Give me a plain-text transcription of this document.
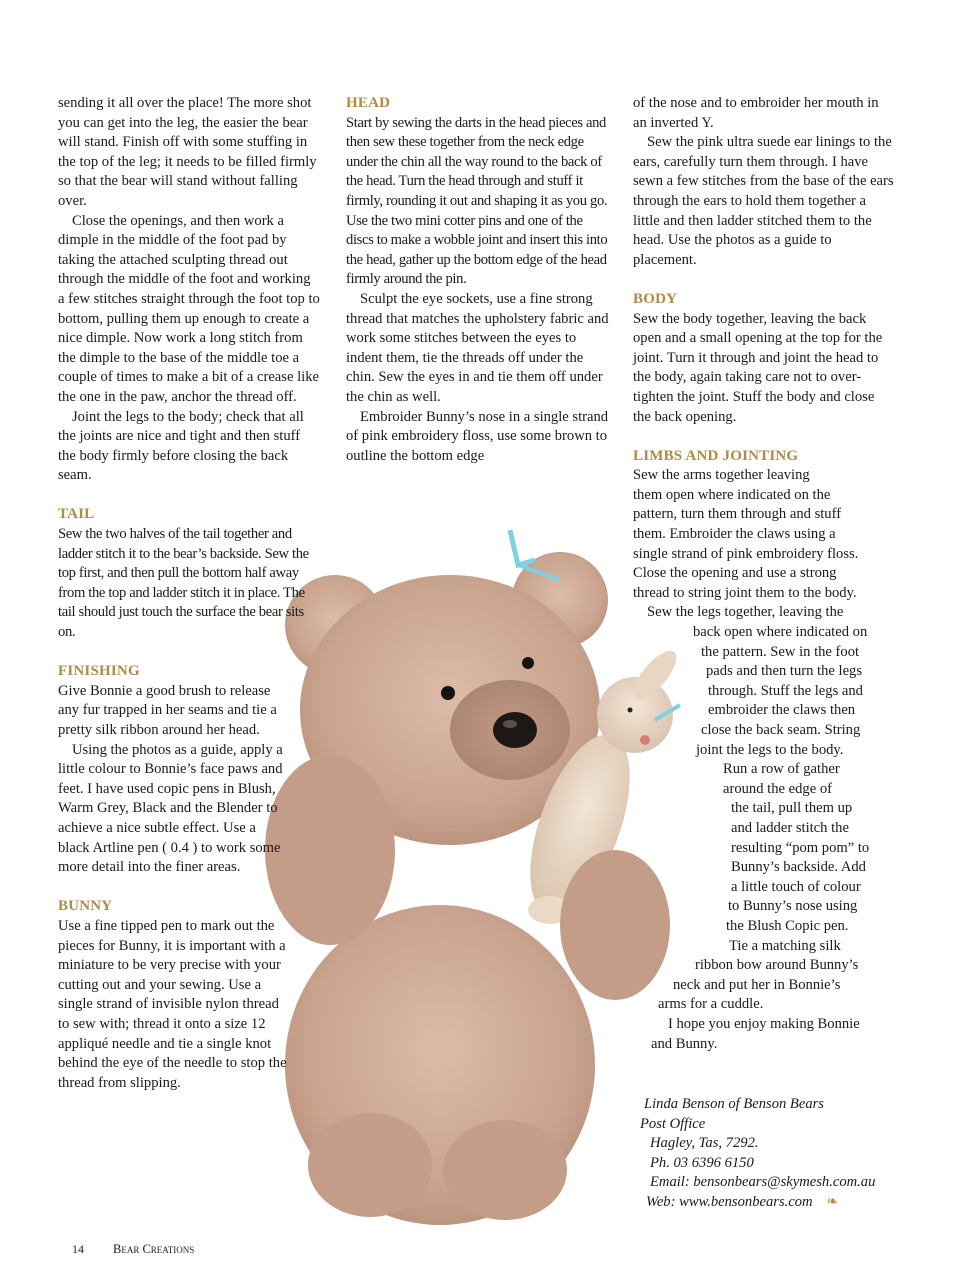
sending it all over the place! The more shot you can get into the leg, the easier the bear will stand. Finish off with some stuffing in the top of the leg; it needs to be filled firmly so that the bear will stand without falling over.

Close the openings, and then work a dimple in the middle of the foot pad by taking the attached sculpting thread out through the middle of the foot and working a few stitches straight through the foot top to bottom, pulling them up enough to create a nice dimple. Now work a long stitch from the dimple to the base of the middle toe a couple of times to make a bit of a crease like the one in the paw, anchor the thread off.

Joint the legs to the body; check that all the joints are nice and tight and then stuff the body firmly before closing the back seam.

TAIL

Sew the two halves of the tail together and ladder stitch it to the bear’s backside. Sew the top first, and then pull the bottom half away from the top and ladder stitch it in place. The tail should just touch the surface the bear sits on.

FINISHING

Give Bonnie a good brush to release any fur trapped in her seams and tie a pretty silk ribbon around her head.

Using the photos as a guide, apply a little colour to Bonnie’s face paws and feet. I have used copic pens in Blush, Warm Grey, Black and the Blender to achieve a nice subtle effect. Use a black Artline pen ( 0.4 ) to work some more detail into the finer areas.

BUNNY

Use a fine tipped pen to mark out the pieces for Bunny, it is important with a miniature to be very precise with your cutting out and your sewing. Use a single strand of invisible nylon thread to sew with; thread it onto a size 12 appliqué needle and tie a single knot behind the eye of the needle to stop the thread from slipping.

HEAD

Start by sewing the darts in the head pieces and then sew these together from the neck edge under the chin all the way round to the back of the head. Turn the head through and stuff it firmly, rounding it out and shaping it as you go. Use the two mini cotter pins and one of the discs to make a wobble joint and insert this into the head, gather up the bottom edge of the head firmly around the pin.

Sculpt the eye sockets, use a fine strong thread that matches the upholstery fabric and work some stitches between the eyes to indent them, tie the threads off under the chin. Sew the eyes in and tie them off under the chin as well.

Embroider Bunny’s nose in a single strand of pink embroidery floss, use some brown to outline the bottom edge

of the nose and to embroider her mouth in an inverted Y.

Sew the pink ultra suede ear linings to the ears, carefully turn them through. I have sewn a few stitches from the base of the ears through the ears to hold them together a little and then ladder stitched them to the head. Use the photos as a guide to placement.

BODY

Sew the body together, leaving the back open and a small opening at the top for the joint. Turn it through and joint the head to the body, again taking care not to over-tighten the joint. Stuff the body and close the back opening.

LIMBS AND JOINTING
Sew the arms together leaving
them open where indicated on the
pattern, turn them through and stuff
them. Embroider the claws using a
single strand of pink embroidery floss.
Close the opening and use a strong
thread to string joint them to the body.
Sew the legs together, leaving the
back open where indicated on
the pattern. Sew in the foot
pads and then turn the legs
through. Stuff the legs and
embroider the claws then
close the back seam. String
joint the legs to the body.
Run a row of gather
around the edge of
the tail, pull them up
and ladder stitch the
resulting “pom pom” to
Bunny’s backside. Add
a little touch of colour
to Bunny’s nose using
the Blush Copic pen.
Tie a matching silk
ribbon bow around Bunny’s
neck and put her in Bonnie’s
arms for a cuddle.
I hope you enjoy making Bonnie
and Bunny.
Linda Benson of Benson Bears
Post Office
Hagley, Tas, 7292.
Ph. 03 6396 6150
Email: bensonbears@skymesh.com.au
Web: www.bensonbears.com ❧
14 Bear Creations
